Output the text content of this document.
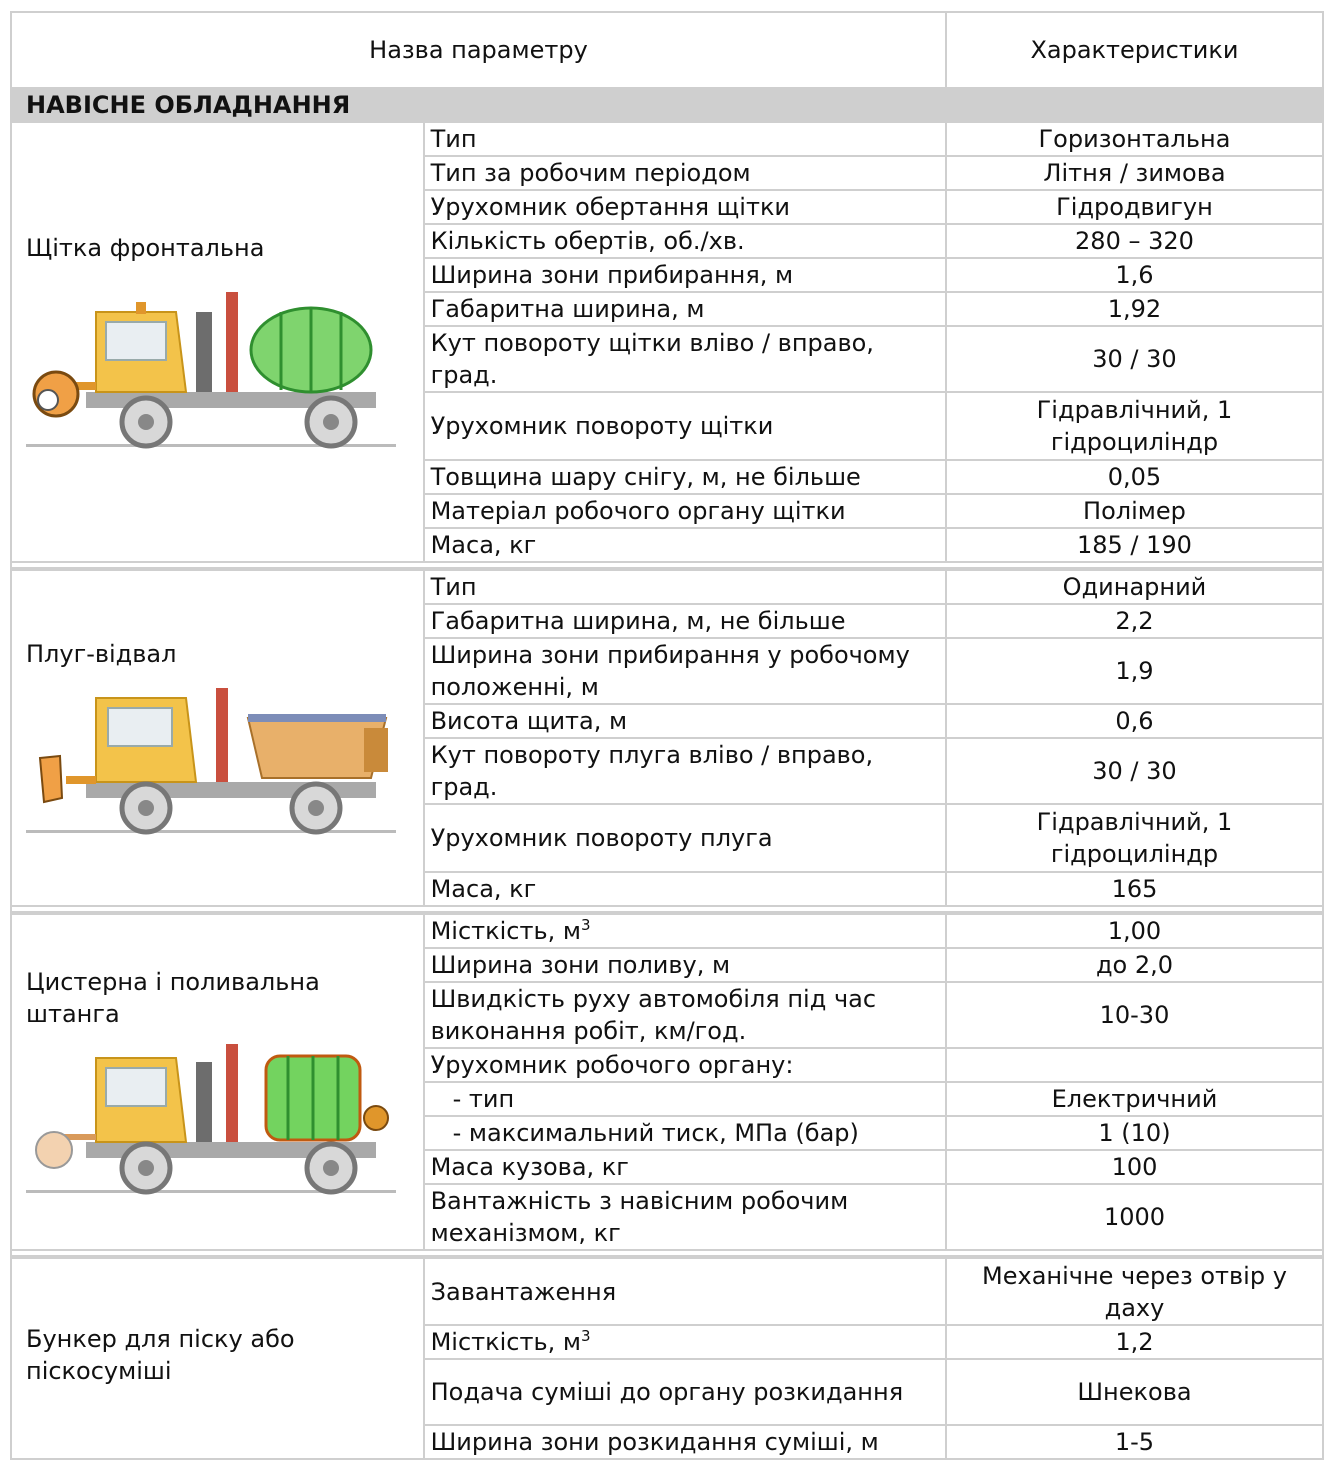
Назва параметру		Характеристики
НАВІСНЕ ОБЛАДНАННЯ		

Щітка фронтальна	Тип	Горизонтальна
	Тип за робочим періодом	Літня / зимова
	Урухомник обертання щітки	Гідродвигун
	Кількість обертів, об./хв.	280 – 320
	Ширина зони прибирання, м	1,6
	Габаритна ширина, м	1,92
	Кут повороту щітки вліво / вправо, град.	30 / 30
	Урухомник повороту щітки	Гідравлічний, 1 гідроциліндр
	Товщина шару снігу, м, не більше	0,05
	Матеріал робочого органу щітки	Полімер
	Маса, кг	185 / 190

Плуг-відвал	Тип	Одинарний
	Габаритна ширина, м, не більше	2,2
	Ширина зони прибирання у робочому положенні, м	1,9
	Висота щита, м	0,6
	Кут повороту плуга вліво / вправо, град.	30 / 30
	Урухомник повороту плуга	Гідравлічний, 1 гідроциліндр
	Маса, кг	165

Цистерна і поливальна штанга	Місткість, $м^3$	1,00
	Ширина зони поливу, м	до 2,0
	Швидкість руху автомобіля під час виконання робіт, км/год.	10-30
	Урухомник робочого органу:	
	- тип	Електричний
	- максимальний тиск, МПа (бар)	1 (10)
	Маса кузова, кг	100
	Вантажність з навісним робочим механізмом, кг	1000

Бункер для піску або піскосуміші	Завантаження	Механічне через отвір у даху
	Місткість, $м^3$	1,2
	Подача суміші до органу розкидання	Шнекова
	Ширина зони розкидання суміші, м	1-5
